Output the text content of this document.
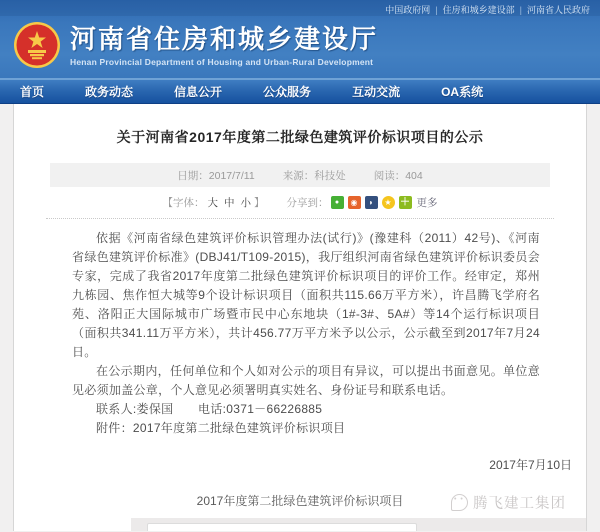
中国政府网 | 住房和城乡建设部 | 河南省人民政府
河南省住房和城乡建设厅
Henan Provincial Department of Housing and Urban-Rural Development
首页	政务动态	信息公开	公众服务	互动交流	OA系统
关于河南省2017年度第二批绿色建筑评价标识项目的公示
日期：2017/7/11	来源：科技处	阅读：404
【字体： 大 中 小 】 分享到： ● ◉ ◗ ★ ＋	更多

依据《河南省绿色建筑评价标识管理办法(试行)》(豫建科（2011）42号)、《河南省绿色建筑评价标准》(DBJ41/T109-2015)，我厅组织河南省绿色建筑评价标识委员会专家，完成了我省2017年度第二批绿色建筑评价标识项目的评价工作。经审定，郑州九栋园、焦作恒大城等9个设计标识项目（面积共115.66万平方米），许昌腾飞学府名苑、洛阳正大国际城市广场暨市民中心东地块（1#-3#、5A#）等14个运行标识项目（面积共341.11万平方米），共计456.77万平方米予以公示，公示截至到2017年7月24日。

在公示期内，任何单位和个人如对公示的项目有异议，可以提出书面意见。单位意见必须加盖公章，个人意见必须署明真实姓名、身份证号和联系电话。

联系人:娄保国　　电话:0371－66226885
附件：2017年度第二批绿色建筑评价标识项目
2017年7月10日
2017年度第二批绿色建筑评价标识项目 • •	腾飞建工集团
